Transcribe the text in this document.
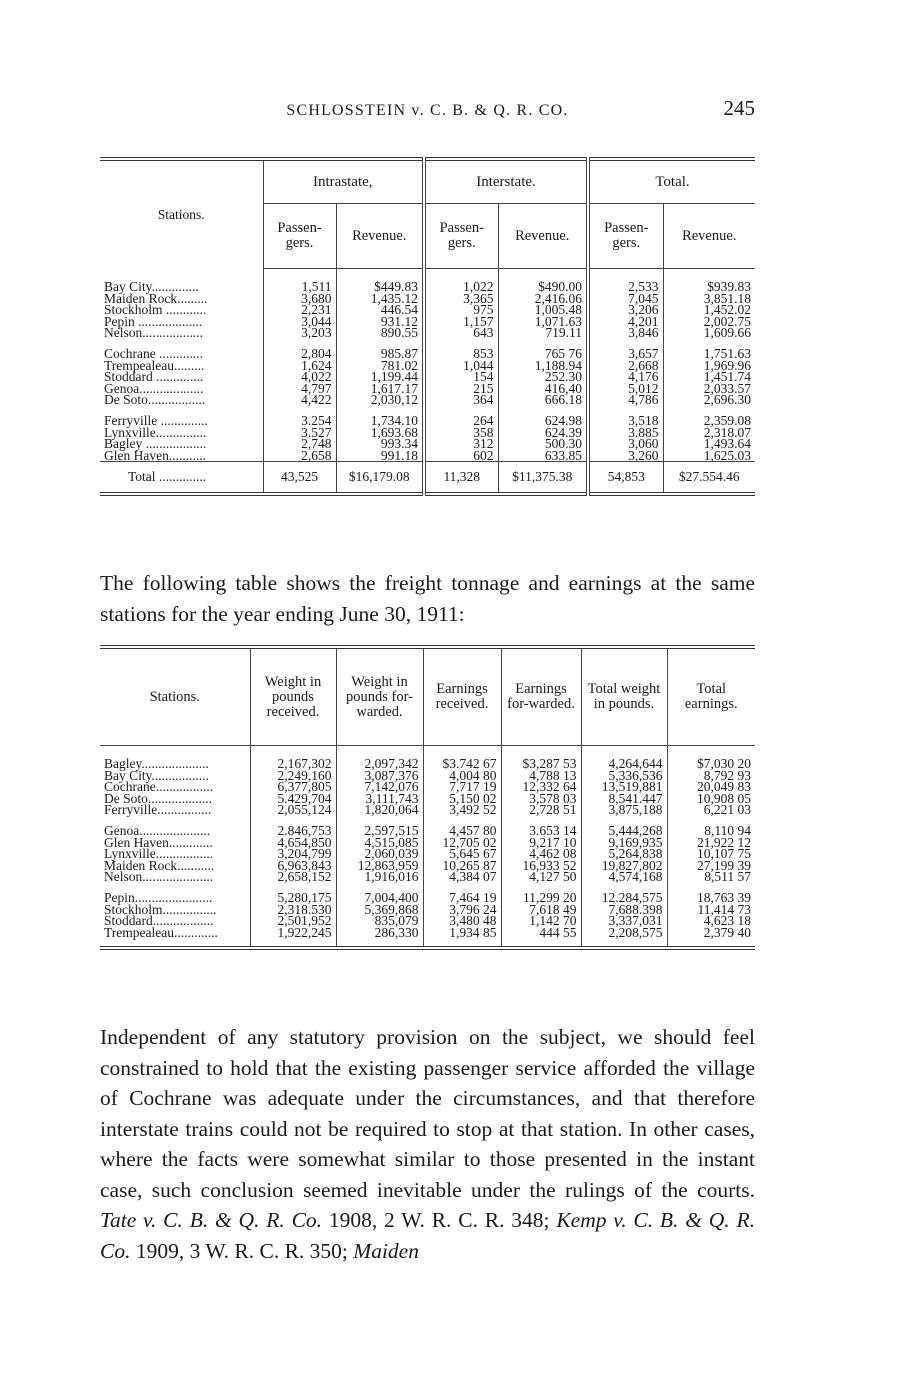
SCHLOSSTEIN v. C. B. & Q. R. CO.	245
Stations.	Intrastate,		Interstate.		Total.	
	Passen-gers.	Revenue.	Passen-gers.	Revenue.	Passen-gers.	Revenue.
Bay City..............	1,511	$449.83	1,022	$490.00	2,533	$939.83
Maiden Rock.........	3,680	1,435.12	3,365	2,416.06	7,045	3,851.18
Stockholm ............	2,231	446.54	975	1,005.48	3,206	1,452.02
Pepin ...................	3,044	931.12	1,157	1,071.63	4,201	2,002.75
Nelson..................	3,203	890.55	643	719.11	3,846	1,609.66

Cochrane .............	2,804	985.87	853	765 76	3,657	1,751.63
Trempealeau.........	1,624	781.02	1,044	1,188.94	2,668	1,969.96
Stoddard ..............	4,022	1,199.44	154	252.30	4,176	1,451.74
Genoa...................	4,797	1,617.17	215	416,40	5,012	2,033.57
De Soto.................	4,422	2,030,12	364	666.18	4,786	2,696.30

Ferryville ..............	3.254	1,734.10	264	624.98	3,518	2,359.08
Lynxville...............	3.527	1,693.68	358	624.39	3.885	2,318.07
Bagley ..................	2,748	993.34	312	500.30	3,060	1,493.64
Glen Haven...........	2,658	991.18	602	633.85	3,260	1,625.03
Total ..............	43,525	$16,179.08	11,328	$11,375.38	54,853	$27.554.46
The following table shows the freight tonnage and earnings at the same stations for the year ending June 30, 1911:
Stations.	Weight in pounds received.	Weight in pounds for-warded.	Earnings received.	Earnings for-warded.	Total weight in pounds.	Total earnings.
Bagley....................	2,167,302	2,097,342	$3.742 67	$3,287 53	4,264,644	$7,030 20
Bay City.................	2,249,160	3,087,376	4,004 80	4,788 13	5,336,536	8,792 93
Cochrane.................	6,377,805	7,142,076	7,717 19	12,332 64	13,519,881	20,049 83
De Soto...................	5.429,704	3,111,743	5,150 02	3,578 03	8,541.447	10,908 05
Ferryville................	2,055,124	1,820,064	3,492 52	2,728 51	3,875,188	6,221 03

Genoa.....................	2.846,753	2,597,515	4,457 80	3.653 14	5,444,268	8,110 94
Glen Haven.............	4,654,850	4,515,085	12,705 02	9,217 10	9,169,935	21,922 12
Lynxville.................	3,204,799	2,060,039	5,645 67	4,462 08	5,264,838	10,107 75
Maiden Rock...........	6,963,843	12,863,959	10,265 87	16,933 52	19,827,802	27,199 39
Nelson.....................	2,658,152	1,916,016	4,384 07	4,127 50	4,574,168	8,511 57

Pepin.......................	5,280,175	7,004,400	7,464 19	11,299 20	12.284,575	18,763 39
Stockholm................	2,318.530	5,369,868	3,796 24	7,618 49	7,688.398	11,414 73
Stoddard..................	2,501,952	835,079	3,480 48	1,142 70	3,337,031	4,623 18
Trempealeau.............	1,922,245	286,330	1,934 85	444 55	2,208,575	2,379 40
Independent of any statutory provision on the subject, we should feel constrained to hold that the existing passenger service afforded the village of Cochrane was adequate under the circumstances, and that therefore interstate trains could not be required to stop at that station. In other cases, where the facts were somewhat similar to those presented in the instant case, such conclusion seemed inevitable under the rulings of the courts. Tate v. C. B. & Q. R. Co. 1908, 2 W. R. C. R. 348; Kemp v. C. B. & Q. R. Co. 1909, 3 W. R. C. R. 350; Maiden
